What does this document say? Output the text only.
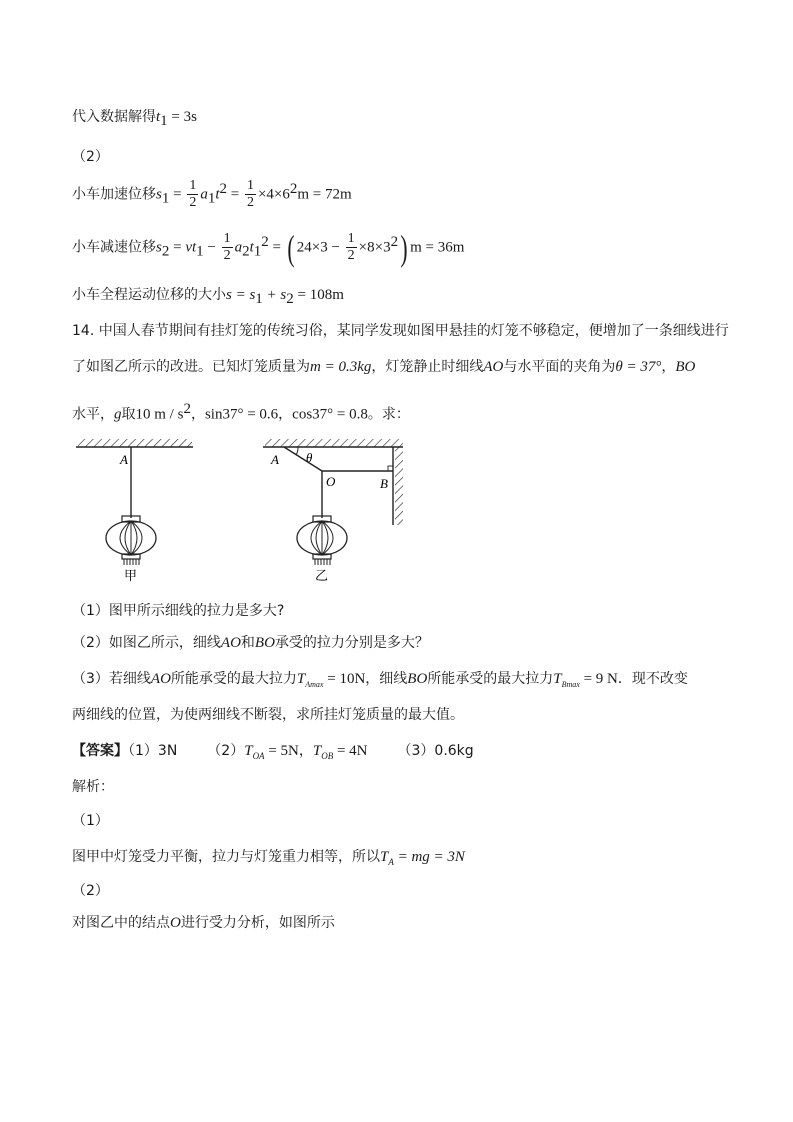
代入数据解得$t_1 = 3s$
（2）
小车加速位移$s_1 = \frac{1}{2} a_1t^2 = \frac{1}{2} \times 4\times 6^2m = 72m$
小车减速位移$s_2 = vt_1 - \frac{1}{2} a_2t_1^2$ = ( $24\times 3 - \frac{1}{2} \times 8\times 3^2$) m = 36m
小车全程运动位移的大小$s = s_1 + s_2 = 108m$
14. 中国人春节期间有挂灯笼的传统习俗，某同学发现如图甲悬挂的灯笼不够稳定，便增加了一条细线进行
了如图乙所示的改进。已知灯笼质量为m = 0.3kg，灯笼静止时细线AO与水平面的夹角为θ = 37°，BO
水平，g取10 m / $s^2$，sin37° = 0.6，cos37° = 0.8。求：
A
甲
A θ
O	B
乙
（1）图甲所示细线的拉力是多大?
（2）如图乙所示，细线AO和BO承受的拉力分别是多大？
（3）若细线AO所能承受的最大拉力$T_{Amax} = 10N$，细线BO所能承受的最大拉力$T_{Bmax} = 9$ N．现不改变
两细线的位置，为使两细线不断裂，求所挂灯笼质量的最大值。
【答案】（1）3N $(2)T_{OA} = 5N$，$T_{OB} = 4N$ （3）0.6kg
解析：
（1）
图甲中灯笼受力平衡，拉力与灯笼重力相等，所以$T_A$ = mg = 3N
（2）
对图乙中的结点O进行受力分析，如图所示
